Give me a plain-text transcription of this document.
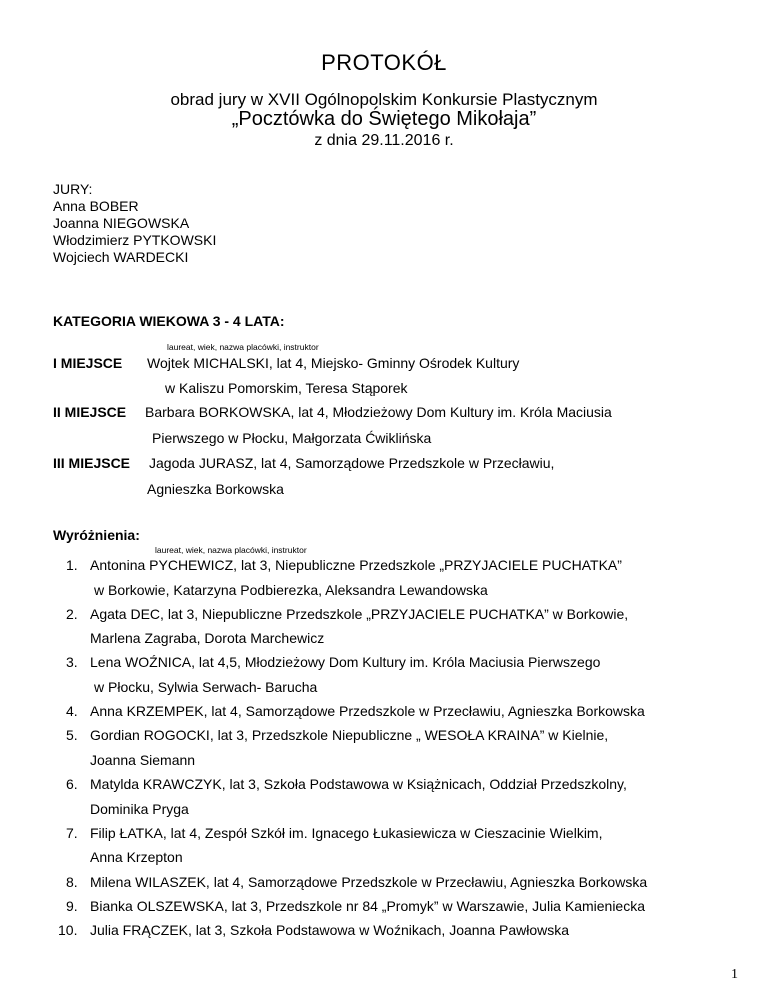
PROTOKÓŁ
obrad jury w XVII Ogólnopolskim Konkursie Plastycznym
„Pocztówka do Świętego Mikołaja”
z dnia 29.11.2016 r.
JURY:
Anna BOBER
Joanna NIEGOWSKA
Włodzimierz PYTKOWSKI
Wojciech WARDECKI
KATEGORIA WIEKOWA 3 - 4 LATA:
laureat, wiek, nazwa placówki, instruktor
I MIEJSCE Wojtek MICHALSKI, lat 4, Miejsko- Gminny Ośrodek Kultury
w Kaliszu Pomorskim, Teresa Stąporek
II MIEJSCE Barbara BORKOWSKA, lat 4, Młodzieżowy Dom Kultury im. Króla Maciusia
Pierwszego w Płocku, Małgorzata Ćwiklińska
III MIEJSCE Jagoda JURASZ, lat 4, Samorządowe Przedszkole w Przecławiu,
Agnieszka Borkowska
Wyróżnienia:
laureat, wiek, nazwa placówki, instruktor
1. Antonina PYCHEWICZ, lat 3, Niepubliczne Przedszkole „PRZYJACIELE PUCHATKA”
w Borkowie, Katarzyna Podbierezka, Aleksandra Lewandowska
2. Agata DEC, lat 3, Niepubliczne Przedszkole „PRZYJACIELE PUCHATKA” w Borkowie,
Marlena Zagraba, Dorota Marchewicz
3. Lena WOŹNICA, lat 4,5, Młodzieżowy Dom Kultury im. Króla Maciusia Pierwszego
w Płocku, Sylwia Serwach- Barucha
4. Anna KRZEMPEK, lat 4, Samorządowe Przedszkole w Przecławiu, Agnieszka Borkowska
5. Gordian ROGOCKI, lat 3, Przedszkole Niepubliczne „ WESOŁA KRAINA” w Kielnie,
Joanna Siemann
6. Matylda KRAWCZYK, lat 3, Szkoła Podstawowa w Książnicach, Oddział Przedszkolny,
Dominika Pryga
7. Filip ŁATKA, lat 4, Zespół Szkół im. Ignacego Łukasiewicza w Cieszacinie Wielkim,
Anna Krzepton
8. Milena WILASZEK, lat 4, Samorządowe Przedszkole w Przecławiu, Agnieszka Borkowska
9. Bianka OLSZEWSKA, lat 3, Przedszkole nr 84 „Promyk” w Warszawie, Julia Kamieniecka
10. Julia FRĄCZEK, lat 3, Szkoła Podstawowa w Woźnikach, Joanna Pawłowska
1
